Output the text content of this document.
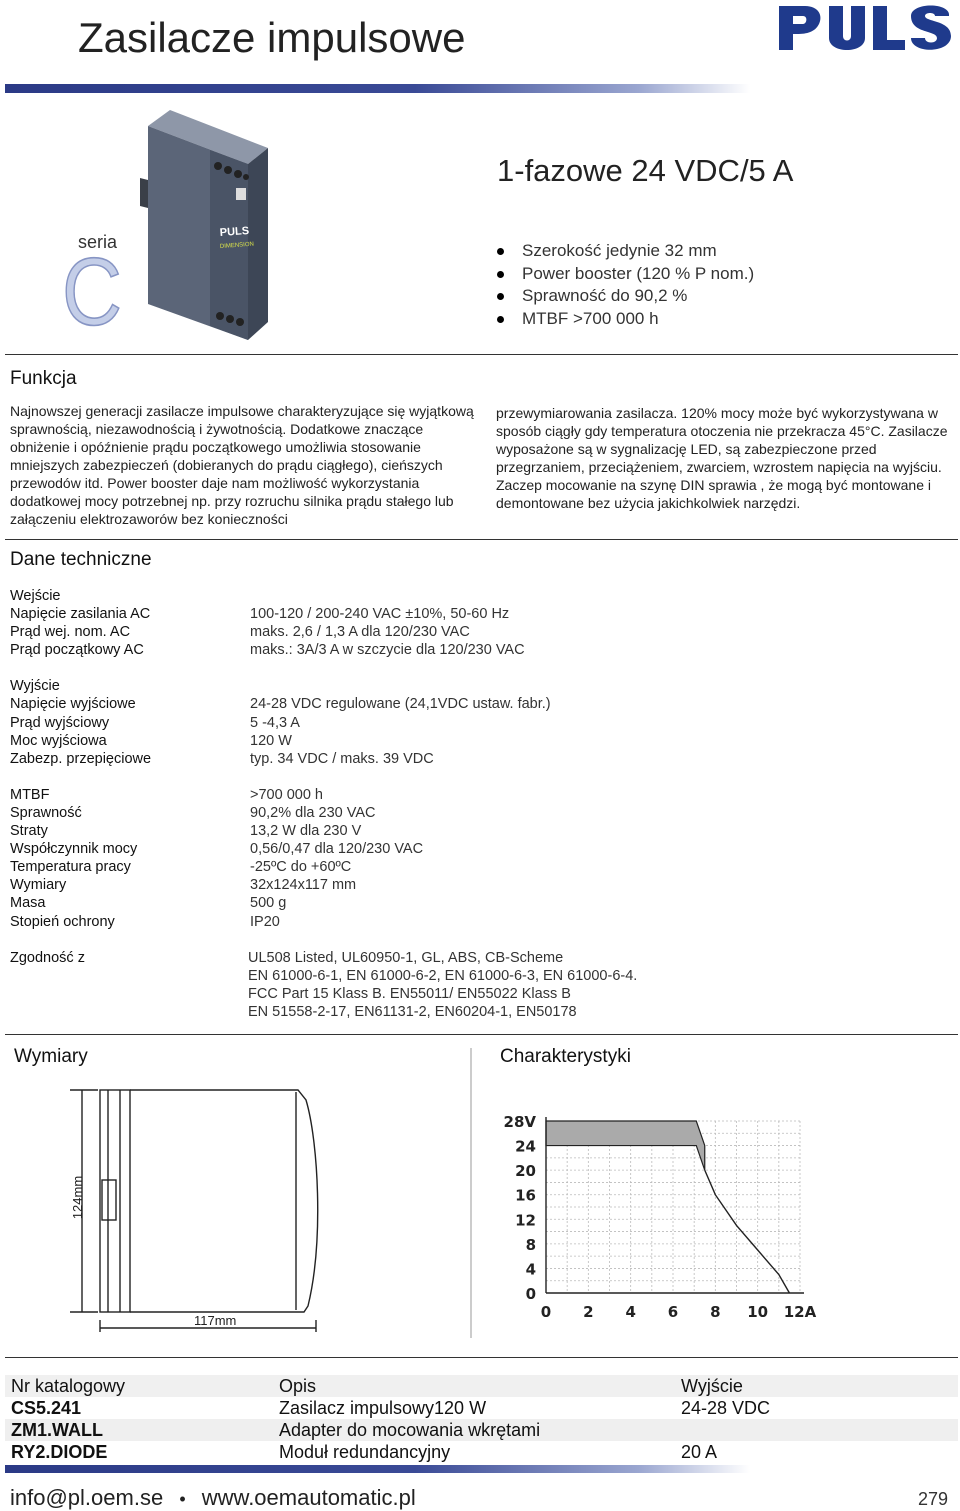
Zasilacze impulsowe
PULS
DIMENSION
seria
C
1-fazowe 24 VDC/5 A
Szerokość jedynie 32 mm
Power booster (120 % P nom.)
Sprawność do 90,2 %
MTBF >700 000 h
Funkcja
Najnowszej generacji zasilacze impulsowe charakteryzujące się wyjątkową sprawnością, niezawodnością i żywotnością. Dodatkowe znaczące obniżenie i opóźnienie prądu początkowego umożliwia stosowanie mniejszych zabezpieczeń (dobieranych do prądu ciągłego), cieńszych przewodów itd. Power booster daje nam możliwość wykorzystania dodatkowej mocy potrzebnej np. przy rozruchu silnika prądu stałego lub załączeniu elektrozaworów bez konieczności
przewymiarowania zasilacza. 120% mocy może być wykorzystywana w sposób ciągły gdy temperatura otoczenia nie przekracza 45°C. Zasilacze wyposażone są w sygnalizację LED, są zabezpieczone przed przegrzaniem, przeciążeniem, zwarciem, wzrostem napięcia na wyjściu. Zaczep mocowanie na szynę DIN sprawia , że mogą być montowane i demontowane bez użycia jakichkolwiek narzędzi.
Dane techniczne
Wejście
Napięcie zasilania AC	100-120 / 200-240 VAC ±10%, 50-60 Hz
Prąd wej. nom. AC	maks. 2,6 / 1,3 A dla 120/230 VAC
Prąd początkowy AC	maks.: 3A/3 A w szczycie dla 120/230 VAC
Wyjście
Napięcie wyjściowe	24-28 VDC regulowane (24,1VDC ustaw. fabr.)
Prąd wyjściowy	5 -4,3 A
Moc wyjściowa	120 W
Zabezp. przepięciowe	typ. 34 VDC / maks. 39 VDC
MTBF	>700 000 h
Sprawność	90,2% dla 230 VAC
Straty	13,2 W dla 230 V
Współczynnik mocy	0,56/0,47 dla 120/230 VAC
Temperatura pracy	-25ºC do +60ºC
Wymiary	32x124x117 mm
Masa	500 g
Stopień ochrony	IP20
Zgodność z	UL508 Listed, UL60950-1, GL, ABS, CB-Scheme
EN 61000-6-1, EN 61000-6-2, EN 61000-6-3, EN 61000-6-4.
FCC Part 15 Klass B. EN55011/ EN55022 Klass B
EN 51558-2-17, EN61131-2, EN60204-1, EN50178
Wymiary
124mm
117mm
Charakterystyki
28V
24
20
16
12
8
4
0
0 2 4 6 8 10 12A
Nr katalogowy	Opis	Wyjście
CS5.241	Zasilacz impulsowy120 W	24-28 VDC
ZM1.WALL	Adapter do mocowania wkrętami	
RY2.DIODE	Moduł redundancyjny	20 A
info@pl.oem.se • www.oemautomatic.pl	279
